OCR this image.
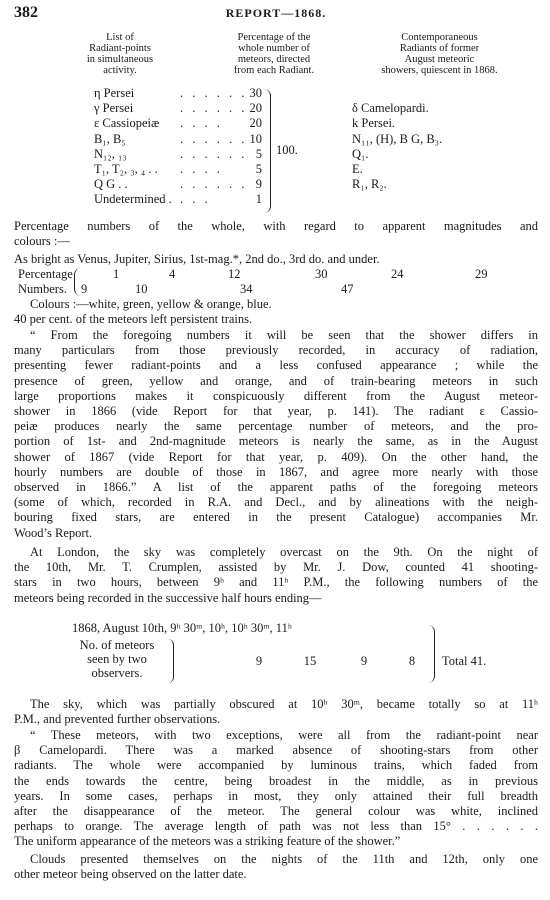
382	REPORT—1868.
List of
Radiant-points
in simultaneous
activity.
Percentage of the
whole number of
meteors, directed
from each Radiant.
Contemporaneous
Radiants of former
August meteoric
showers, quiescent in 1868.
η Persei	. . . . . . 30
γ Persei	. . . . . . 20	δ Camelopardi.
ε Cassiopeiæ . . . .	20	k Persei.
B₁, B₅	. . . . . . 10	N₁₁, (H), B G, B₃.
N₁₂, ₁₃	. . . . . . 5	Q₁.
T₁, T₂, ₃, ₄ . . . . . .	5	E.
Q G . .	. . . . . . 9	R₁, R₂.
Undetermined . . . .	1
100.
Percentage numbers of the whole, with regard to apparent magnitudes and
colours :—
As bright as Venus, Jupiter, Sirius, 1st-mag.*, 2nd do., 3rd do. and under.
Percentage
Numbers.
1	4	12	30	24	29
9	10	34	47
Colours :—white, green, yellow & orange, blue.
40 per cent. of the meteors left persistent trains.
“ From the foregoing numbers it will be seen that the shower differs in
many particulars from those previously recorded, in accuracy of radiation,
presenting fewer radiant-points and a less confused appearance ; while the
presence of green, yellow and orange, and of train-bearing meteors in such
large proportions makes it conspicuously different from the August meteor-
shower in 1866 (vide Report for that year, p. 141). The radiant ε Cassio-
peiæ produces nearly the same percentage number of meteors, and the pro-
portion of 1st- and 2nd-magnitude meteors is nearly the same, as in the August
shower of 1867 (vide Report for that year, p. 409). On the other hand, the
hourly numbers are double of those in 1867, and agree more nearly with those
observed in 1866.” A list of the apparent paths of the foregoing meteors
(some of which, recorded in R.A. and Decl., and by alineations with the neigh-
bouring fixed stars, are entered in the present Catalogue) accompanies Mr.
Wood’s Report.
At London, the sky was completely overcast on the 9th. On the night of
the 10th, Mr. T. Crumplen, assisted by Mr. J. Dow, counted 41 shooting-
stars in two hours, between 9ʰ and 11ʰ P.M., the following numbers of the
meteors being recorded in the successive half hours ending—
1868, August 10th, 9ʰ 30ᵐ, 10ʰ, 10ʰ 30ᵐ, 11ʰ
No. of meteors
seen by two
observers.
9	15	9	8	Total 41.
The sky, which was partially obscured at 10ʰ 30ᵐ, became totally so at 11ʰ
P.M., and prevented further observations.
“ These meteors, with two exceptions, were all from the radiant-point near
β Camelopardi. There was a marked absence of shooting-stars from other
radiants. The whole were accompanied by luminous trains, which faded from
the ends towards the centre, being broadest in the middle, as in previous
years. In some cases, perhaps in most, they only attained their full breadth
after the disappearance of the meteor. The general colour was white, inclined
perhaps to orange. The average length of path was not less than 15° . . . . . .
The uniform appearance of the meteors was a striking feature of the shower.”
Clouds presented themselves on the nights of the 11th and 12th, only one
other meteor being observed on the latter date.
